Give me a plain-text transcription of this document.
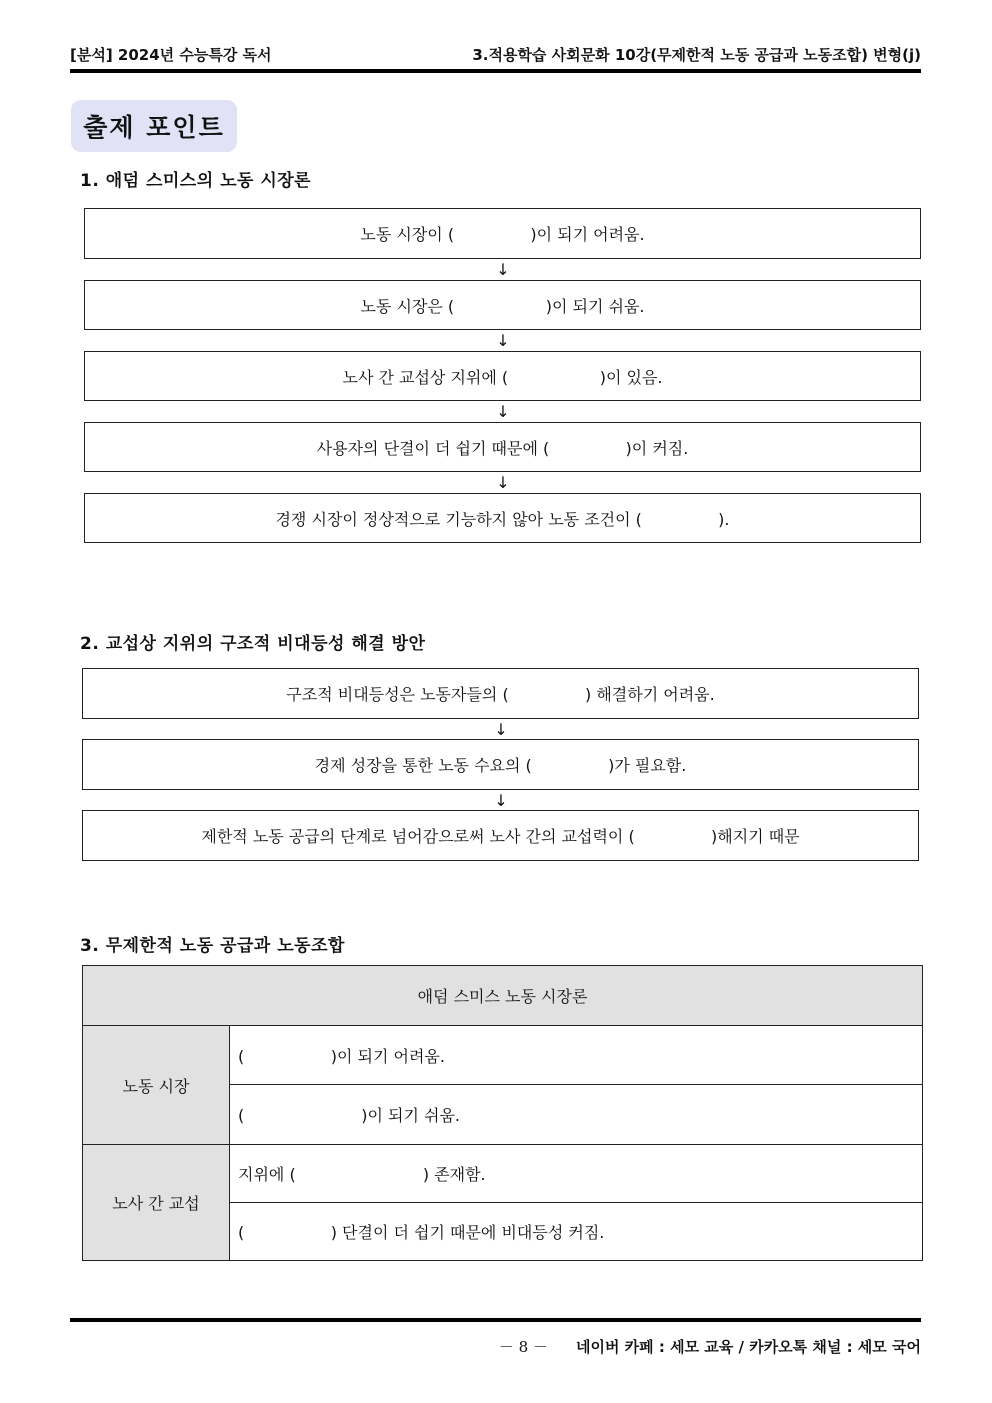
[분석] 2024년 수능특강 독서	3.적용학습 사회문화 10강(무제한적 노동 공급과 노동조합) 변형(j)
출제 포인트
1. 애덤 스미스의 노동 시장론
노동 시장이 (               )이 되기 어려움.
↓
노동 시장은 (                  )이 되기 쉬움.
↓
노사 간 교섭상 지위에 (                  )이 있음.
↓
사용자의 단결이 더 쉽기 때문에 (               )이 커짐.
↓
경쟁 시장이 정상적으로 기능하지 않아 노동 조건이 (               ).
2. 교섭상 지위의 구조적 비대등성 해결 방안
구조적 비대등성은 노동자들의 (               ) 해결하기 어려움.
↓
경제 성장을 통한 노동 수요의 (               )가 필요함.
↓
제한적 노동 공급의 단계로 넘어감으로써 노사 간의 교섭력이 (               )해지기 때문
3. 무제한적 노동 공급과 노동조합
애덤 스미스 노동 시장론
노동 시장
(                 )이 되기 어려움.
(                       )이 되기 쉬움.
노사 간 교섭
지위에 (                         ) 존재함.
(                 ) 단결이 더 쉽기 때문에 비대등성 커짐.
－ 8 － 네이버 카페 : 세모 교육 / 카카오톡 채널 : 세모 국어
